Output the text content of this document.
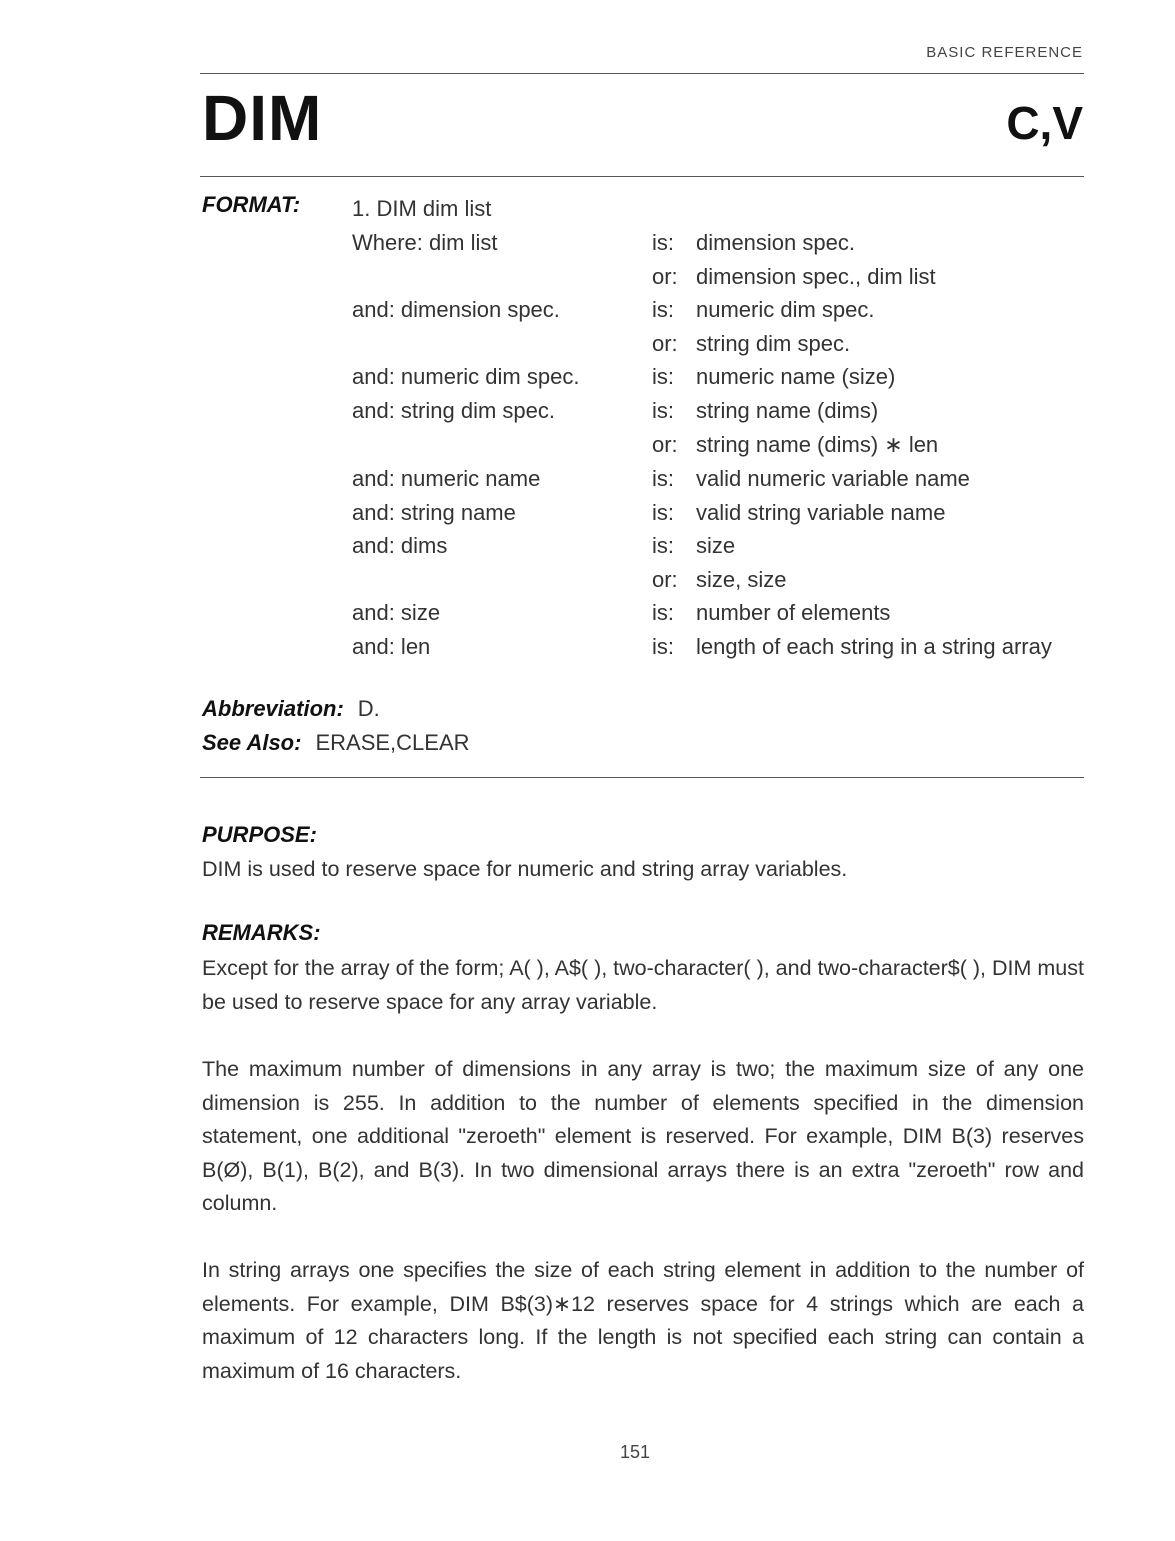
BASIC REFERENCE
DIM	C,V
FORMAT: 1. DIM dim list
Where: dim list	is: dimension spec.
or: dimension spec., dim list
and: dimension spec.	is: numeric dim spec.
or: string dim spec.
and: numeric dim spec.	is: numeric name (size)
and: string dim spec.	is: string name (dims)
or: string name (dims) ∗ len
and: numeric name	is: valid numeric variable name
and: string name	is: valid string variable name
and: dims	is: size
or: size, size
and: size	is: number of elements
and: len	is: length of each string in a string array
Abbreviation: D.
See Also: ERASE,CLEAR
PURPOSE:

DIM is used to reserve space for numeric and string array variables.

REMARKS:

Except for the array of the form; A( ), A$( ), two-character( ), and two-character$( ), DIM must be used to reserve space for any array variable.

The maximum number of dimensions in any array is two; the maximum size of any one dimension is 255. In addition to the number of elements specified in the dimension statement, one additional "zeroeth" element is reserved. For example, DIM B(3) reserves B(Ø), B(1), B(2), and B(3). In two dimensional arrays there is an extra "zeroeth" row and column.

In string arrays one specifies the size of each string element in addition to the number of elements. For example, DIM B$(3)∗12 reserves space for 4 strings which are each a maximum of 12 characters long. If the length is not specified each string can contain a maximum of 16 characters.

151
